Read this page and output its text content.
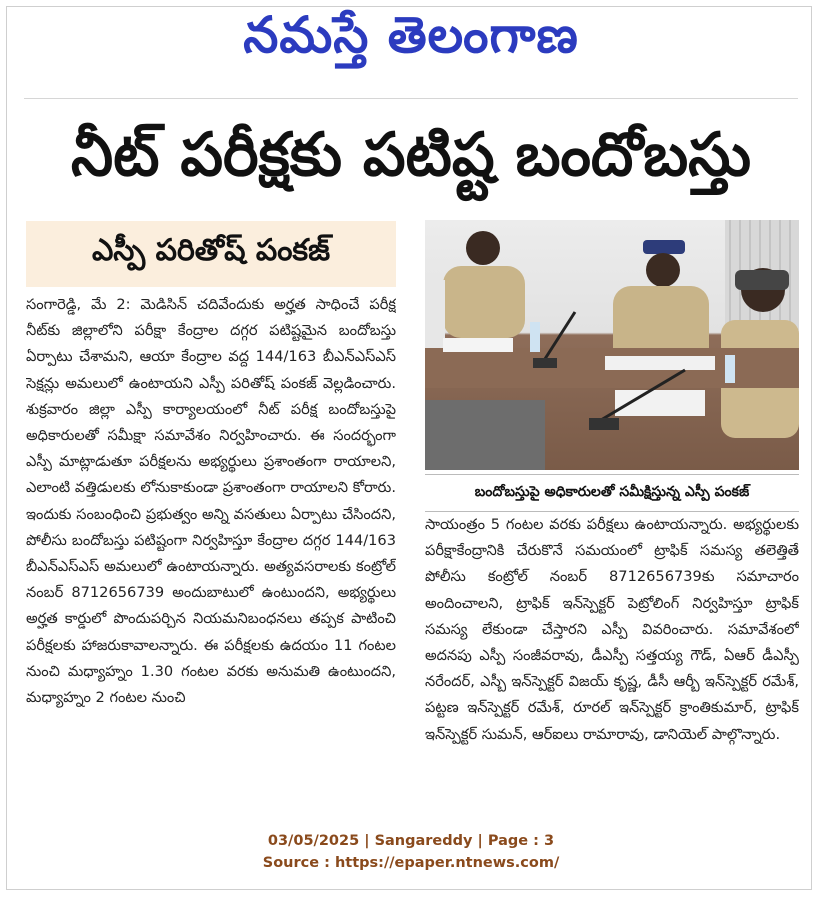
నమస్తే తెలంగాణ
నీట్ పరీక్షకు పటిష్ట బందోబస్తు
ఎస్పీ పరితోష్ పంకజ్

సంగారెడ్డి, మే 2: మెడిసిన్ చదివేందుకు అర్హత సాధించే పరీక్ష నీట్‌కు జిల్లాలోని పరీక్షా కేంద్రాల దగ్గర పటిష్టమైన బందోబస్తు ఏర్పాటు చేశామని, ఆయా కేంద్రాల వద్ద 144/163 బీఎన్ఎస్ఎస్ సెక్షన్లు అమలులో ఉంటాయని ఎస్పీ పరితోష్ పంకజ్ వెల్లడించారు. శుక్రవారం జిల్లా ఎస్పీ కార్యాలయంలో నీట్ పరీక్ష బందోబస్తుపై అధికారులతో సమీక్షా సమావేశం నిర్వహించారు. ఈ సందర్భంగా ఎస్పీ మాట్లాడుతూ పరీక్షలను అభ్యర్థులు ప్రశాంతంగా రాయాలని, ఎలాంటి వత్తిడులకు లోనుకాకుండా ప్రశాంతంగా రాయాలని కోరారు. ఇందుకు సంబంధించి ప్రభుత్వం అన్ని వసతులు ఏర్పాటు చేసిందని, పోలీసు బందోబస్తు పటిష్టంగా నిర్వహిస్తూ కేంద్రాల దగ్గర 144/163 బీఎన్ఎస్ఎస్ అమలులో ఉంటాయన్నారు. అత్యవసరాలకు కంట్రోల్ నంబర్ 8712656739 అందుబాటులో ఉంటుందని, అభ్యర్థులు అర్హత కార్డులో పొందుపర్చిన నియమనిబంధనలు తప్పక పాటించి పరీక్షలకు హాజరుకావాలన్నారు. ఈ పరీక్షలకు ఉదయం 11 గంటల నుంచి మధ్యాహ్నం 1.30 గంటల వరకు అనుమతి ఉంటుందని, మధ్యాహ్నం 2 గంటల నుంచి

బందోబస్తుపై అధికారులతో సమీక్షిస్తున్న ఎస్పీ పంకజ్

సాయంత్రం 5 గంటల వరకు పరీక్షలు ఉంటాయన్నారు. అభ్యర్థులకు పరీక్షాకేంద్రానికి చేరుకొనే సమయంలో ట్రాఫిక్ సమస్య తలెత్తితే పోలీసు కంట్రోల్ నంబర్ 8712656739కు సమాచారం అందించాలని, ట్రాఫిక్ ఇన్‌స్పెక్టర్ పెట్రోలింగ్ నిర్వహిస్తూ ట్రాఫిక్ సమస్య లేకుండా చేస్తారని ఎస్పీ వివరించారు. సమావేశంలో అదనపు ఎస్పీ సంజీవరావు, డీఎస్పీ సత్తయ్య గౌడ్, ఏఆర్ డీఎస్పీ నరేందర్, ఎస్బీ ఇన్‌స్పెక్టర్ విజయ్ కృష్ణ, డీసీ ఆర్బీ ఇన్‌స్పెక్టర్ రమేశ్, పట్టణ ఇన్‌స్పెక్టర్ రమేశ్, రూరల్ ఇన్‌స్పెక్టర్ క్రాంతికుమార్, ట్రాఫిక్ ఇన్‌స్పెక్టర్ సుమన్, ఆర్ఐలు రామారావు, డానియెల్ పాల్గొన్నారు.

03/05/2025 | Sangareddy | Page : 3
Source : https://epaper.ntnews.com/
